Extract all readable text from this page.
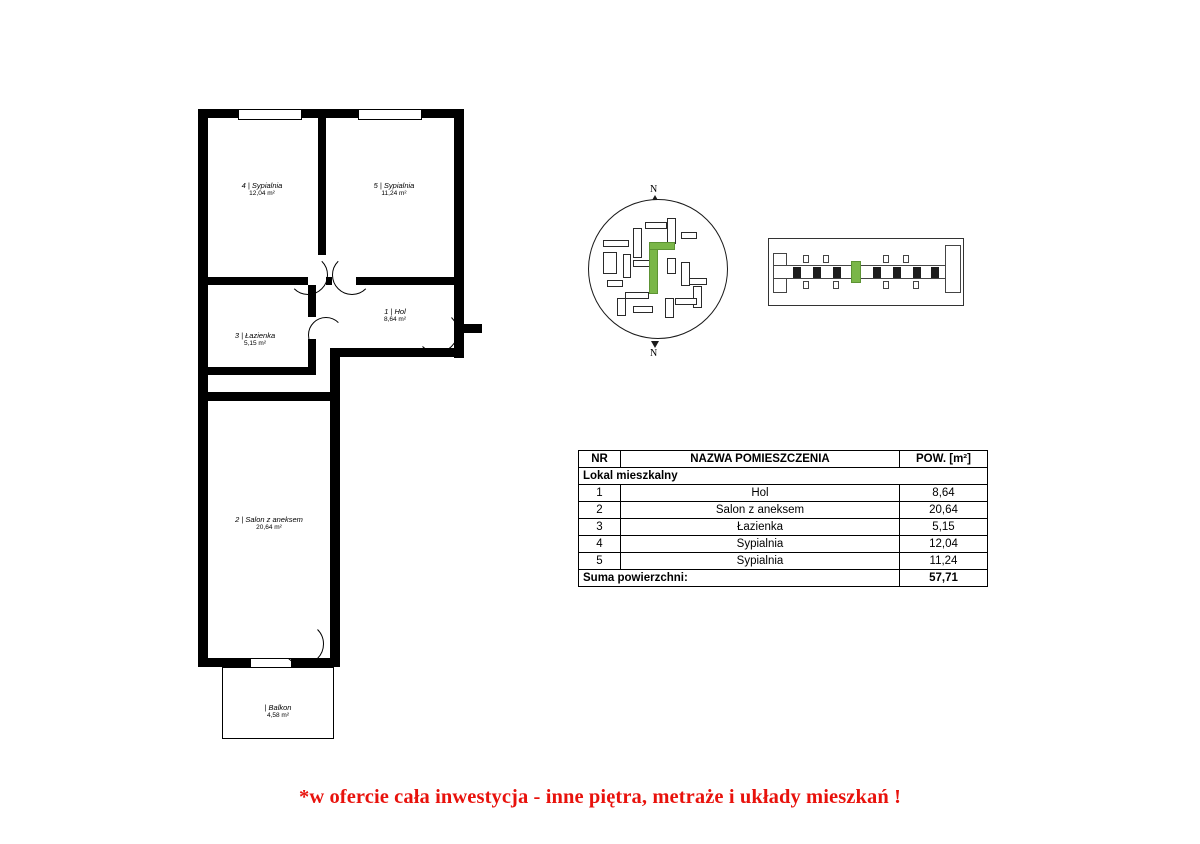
4 | Sypialnia
12,04 m²
5 | Sypialnia
11,24 m²
1 | Hol
8,64 m²
3 | Łazienka
5,15 m²
2 | Salon z aneksem
20,64 m²
| Balkon
4,58 m²
N
N
NR	NAZWA POMIESZCZENIA	POW. [m²]
Lokal mieszkalny		
1	Hol	8,64
2	Salon z aneksem	20,64
3	Łazienka	5,15
4	Sypialnia	12,04
5	Sypialnia	11,24
Suma powierzchni:		57,71
*w ofercie cała inwestycja - inne piętra, metraże i układy mieszkań !
